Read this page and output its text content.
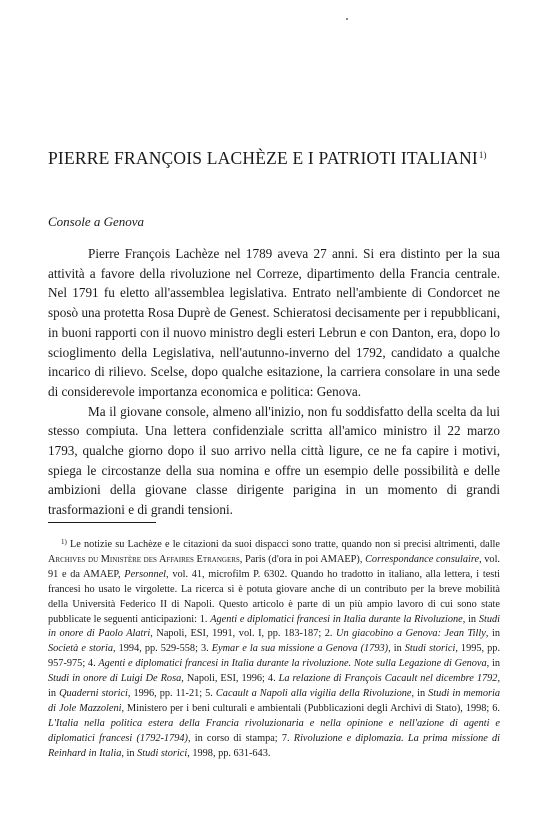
PIERRE FRANÇOIS LACHÈZE E I PATRIOTI ITALIANI$^{1)}$
Console a Genova

Pierre François Lachèze nel 1789 aveva 27 anni. Si era distinto per la sua attività a favore della rivoluzione nel Correze, dipartimento della Francia centrale. Nel 1791 fu eletto all'assemblea legislativa. Entrato nell'ambiente di Condorcet ne sposò una protetta Rosa Duprè de Genest. Schieratosi decisamente per i repubblicani, in buoni rapporti con il nuovo ministro degli esteri Lebrun e con Danton, era, dopo lo scioglimento della Legislativa, nell'autunno-inverno del 1792, candidato a qualche incarico di rilievo. Scelse, dopo qualche esitazione, la carriera consolare in una sede di considerevole importanza economica e politica: Genova.

Ma il giovane console, almeno all'inizio, non fu soddisfatto della scelta da lui stesso compiuta. Una lettera confidenziale scritta all'amico ministro il 22 marzo 1793, qualche giorno dopo il suo arrivo nella città ligure, ce ne fa capire i motivi, spiega le circostanze della sua nomina e offre un esempio delle possibilità e delle ambizioni della giovane classe dirigente parigina in un momento di grandi trasformazioni e di grandi tensioni.

$^{1)}$ Le notizie su Lachèze e le citazioni da suoi dispacci sono tratte, quando non si precisi altrimenti, dalle Archives du Ministère des Affaires Etrangers, Paris (d'ora in poi AMAEP), Correspondance consulaire, vol. 91 e da AMAEP, Personnel, vol. 41, microfilm P. 6302. Quando ho tradotto in italiano, alla lettera, i testi francesi ho usato le virgolette. La ricerca si è potuta giovare anche di un contributo per la breve mobilità della Università Federico II di Napoli. Questo articolo è parte di un più ampio lavoro di cui sono state pubblicate le seguenti anticipazioni: 1. Agenti e diplomatici francesi in Italia durante la Rivoluzione, in Studi in onore di Paolo Alatri, Napoli, ESI, 1991, vol. I, pp. 183-187; 2. Un giacobino a Genova: Jean Tilly, in Società e storia, 1994, pp. 529-558; 3. Eymar e la sua missione a Genova (1793), in Studi storici, 1995, pp. 957-975; 4. Agenti e diplomatici francesi in Italia durante la rivoluzione. Note sulla Legazione di Genova, in Studi in onore di Luigi De Rosa, Napoli, ESI, 1996; 4. La relazione di François Cacault nel dicembre 1792, in Quaderni storici, 1996, pp. 11-21; 5. Cacault a Napoli alla vigilia della Rivoluzione, in Studi in memoria di Jole Mazzoleni, Ministero per i beni culturali e ambientali (Pubblicazioni degli Archivi di Stato), 1998; 6. L'Italia nella politica estera della Francia rivoluzionaria e nella opinione e nell'azione di agenti e diplomatici francesi (1792-1794), in corso di stampa; 7. Rivoluzione e diplomazia. La prima missione di Reinhard in Italia, in Studi storici, 1998, pp. 631-643.
